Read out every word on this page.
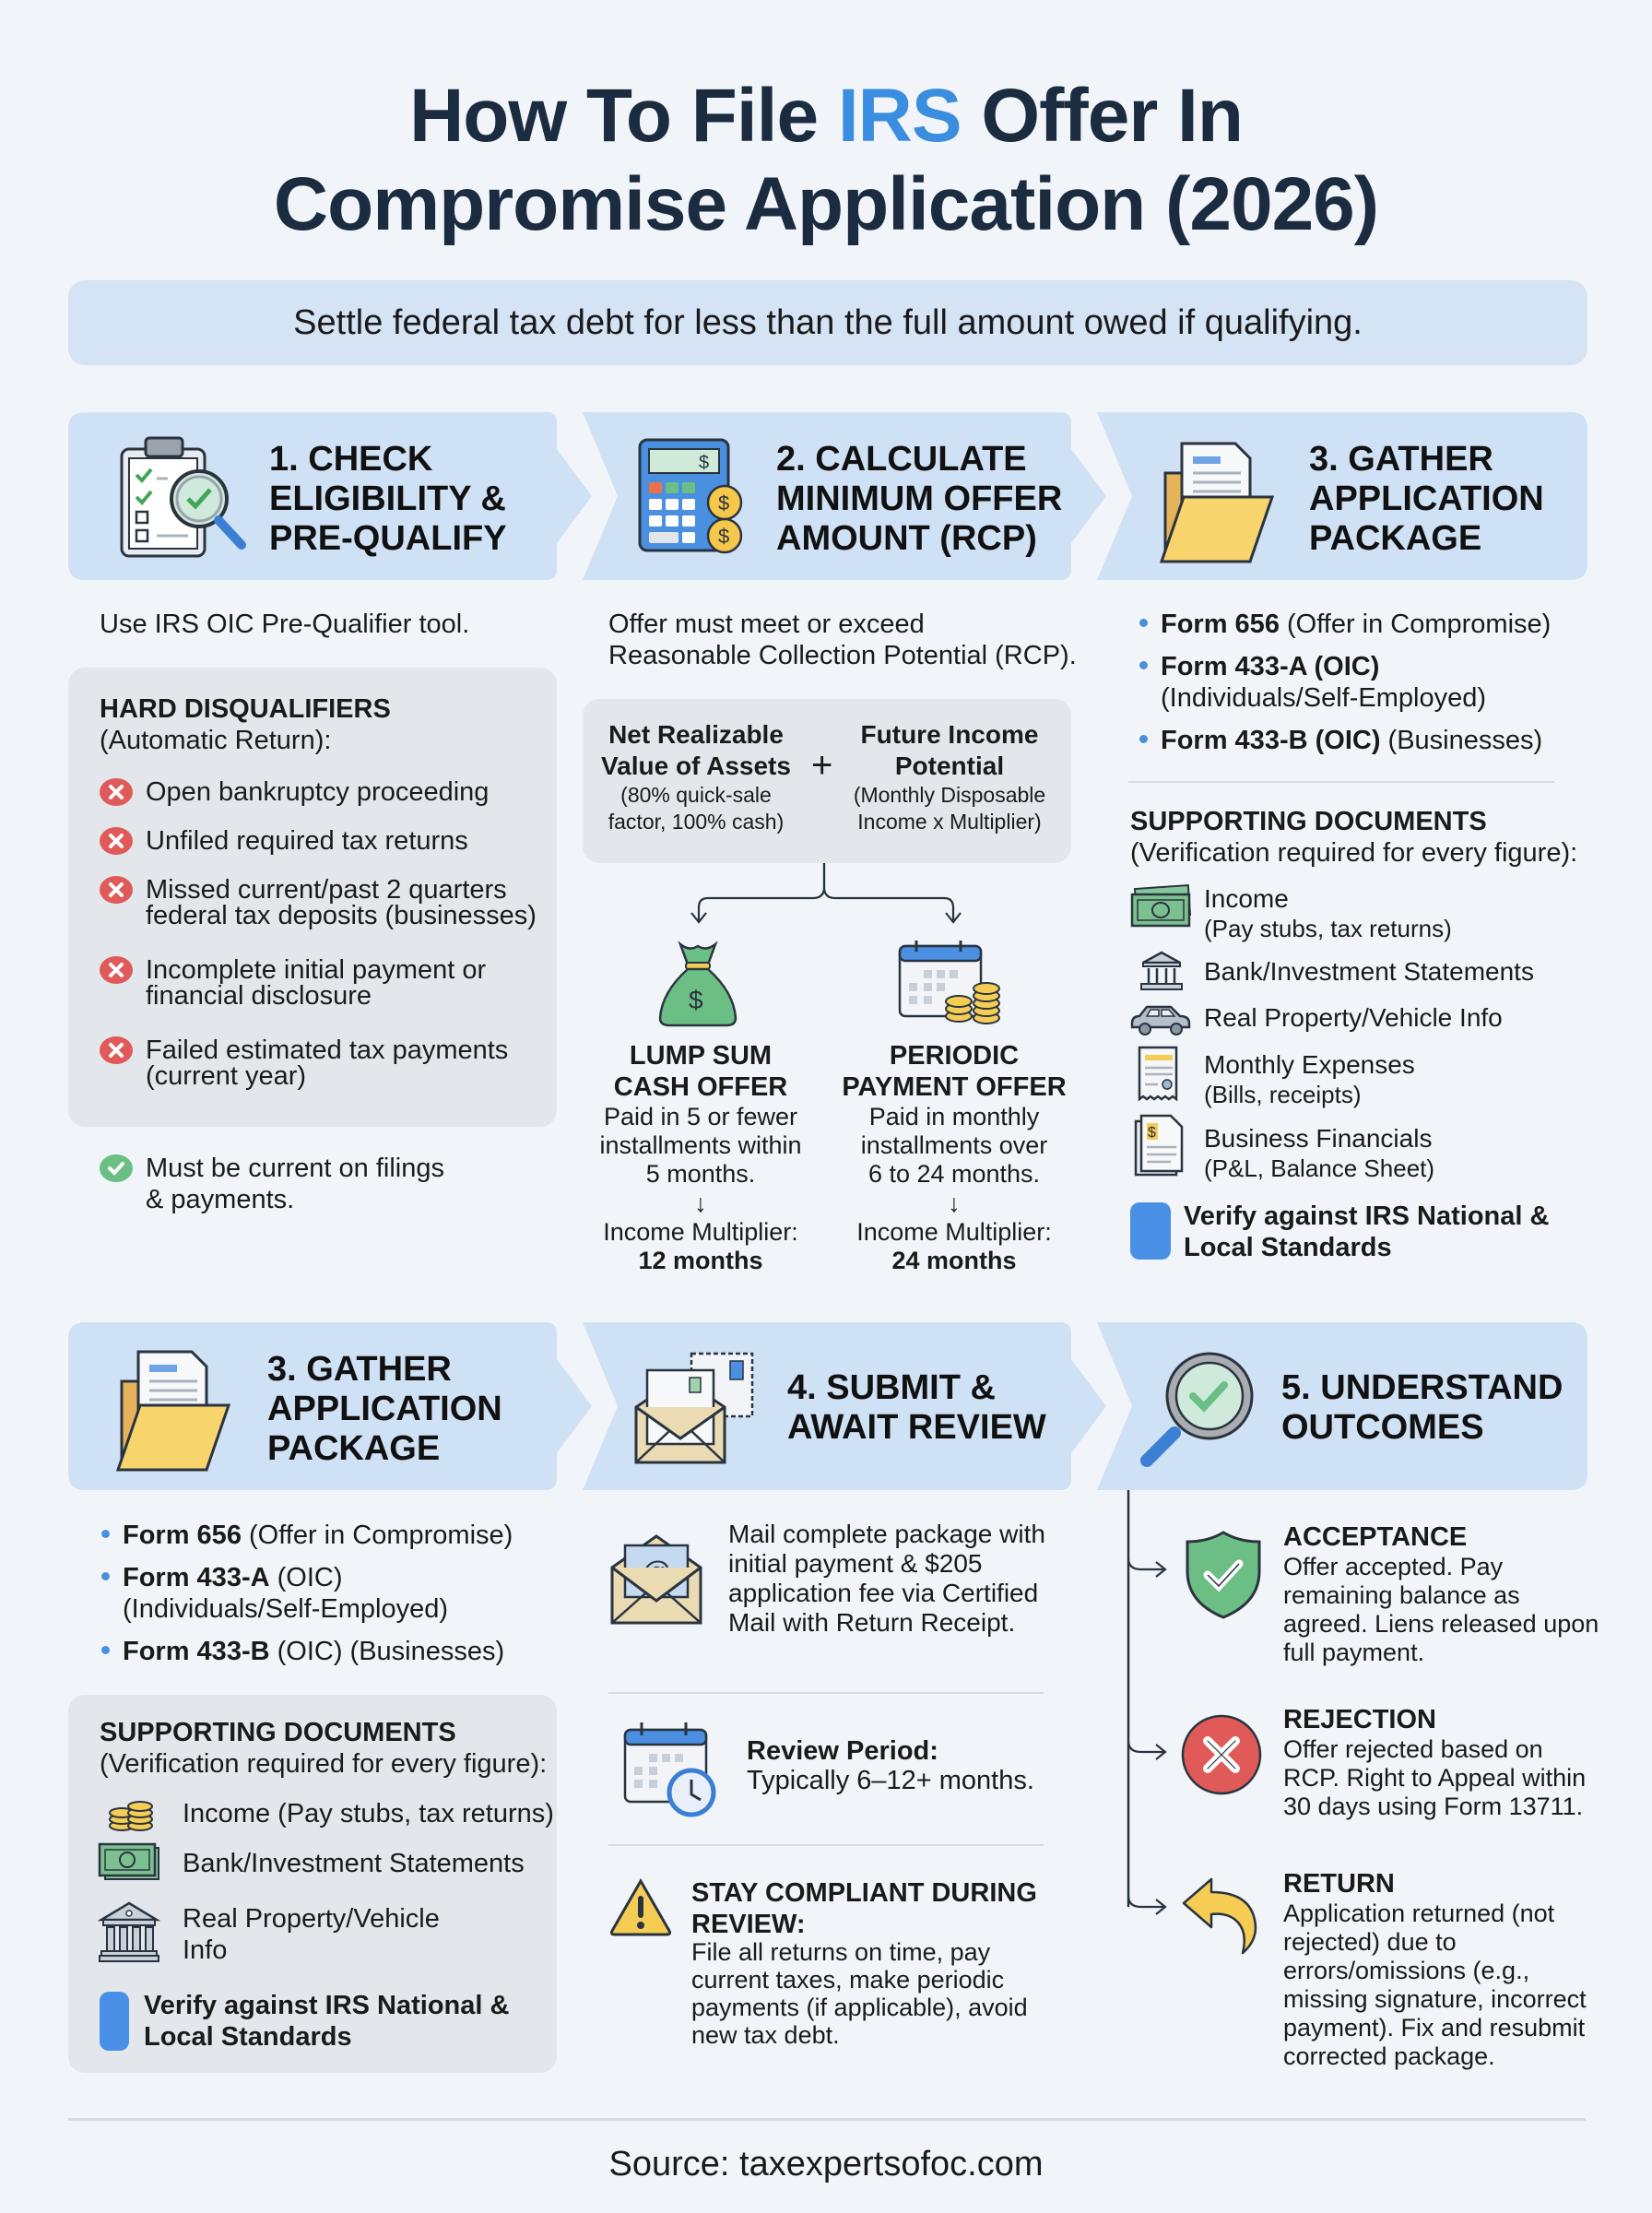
How To File IRS Offer In
Compromise Application (2026)
Settle federal tax debt for less than the full amount owed if qualifying.
1. CHECK
ELIGIBILITY &
PRE-QUALIFY
$
$
$
2. CALCULATE
MINIMUM OFFER
AMOUNT (RCP)
3. GATHER
APPLICATION
PACKAGE
Use IRS OIC Pre-Qualifier tool.
HARD DISQUALIFIERS
(Automatic Return):
Open bankruptcy proceeding
Unfiled required tax returns
Missed current/past 2 quarters
federal tax deposits (businesses)
Incomplete initial payment or
financial disclosure
Failed estimated tax payments
(current year)
Must be current on filings
& payments.
Offer must meet or exceed
Reasonable Collection Potential (RCP).
Net Realizable
Value of Assets
(80% quick-sale
factor, 100% cash)
+
Future Income
Potential
(Monthly Disposable
Income x Multiplier)
$
LUMP SUM
CASH OFFER
Paid in 5 or fewer
installments within
5 months.
↓
Income Multiplier:
12 months
PERIODIC
PAYMENT OFFER
Paid in monthly
installments over
6 to 24 months.
↓
Income Multiplier:
24 months
Form 656 (Offer in Compromise)
Form 433-A (OIC)
(Individuals/Self-Employed)
Form 433-B (OIC) (Businesses)
SUPPORTING DOCUMENTS
(Verification required for every figure):
Income
(Pay stubs, tax returns)
Bank/Investment Statements
Real Property/Vehicle Info
Monthly Expenses
(Bills, receipts)
$ Business Financials
(P&L, Balance Sheet)
Verify against IRS National &
Local Standards
3. GATHER
APPLICATION
PACKAGE
4. SUBMIT &
AWAIT REVIEW
5. UNDERSTAND
OUTCOMES
Form 656 (Offer in Compromise)
Form 433-A (OIC)
(Individuals/Self-Employed)
Form 433-B (OIC) (Businesses)
SUPPORTING DOCUMENTS
(Verification required for every figure):
Income (Pay stubs, tax returns)
Bank/Investment Statements
Real Property/Vehicle
Info
Verify against IRS National &
Local Standards
Mail complete package with
initial payment & $205
application fee via Certified
Mail with Return Receipt.
Review Period:
Typically 6–12+ months.
STAY COMPLIANT DURING
REVIEW:
File all returns on time, pay
current taxes, make periodic
payments (if applicable), avoid
new tax debt.
ACCEPTANCE
Offer accepted. Pay
remaining balance as
agreed. Liens released upon
full payment.
REJECTION
Offer rejected based on
RCP. Right to Appeal within
30 days using Form 13711.
RETURN
Application returned (not
rejected) due to
errors/omissions (e.g.,
missing signature, incorrect
payment). Fix and resubmit
corrected package.
Source: taxexpertsofoc.com
